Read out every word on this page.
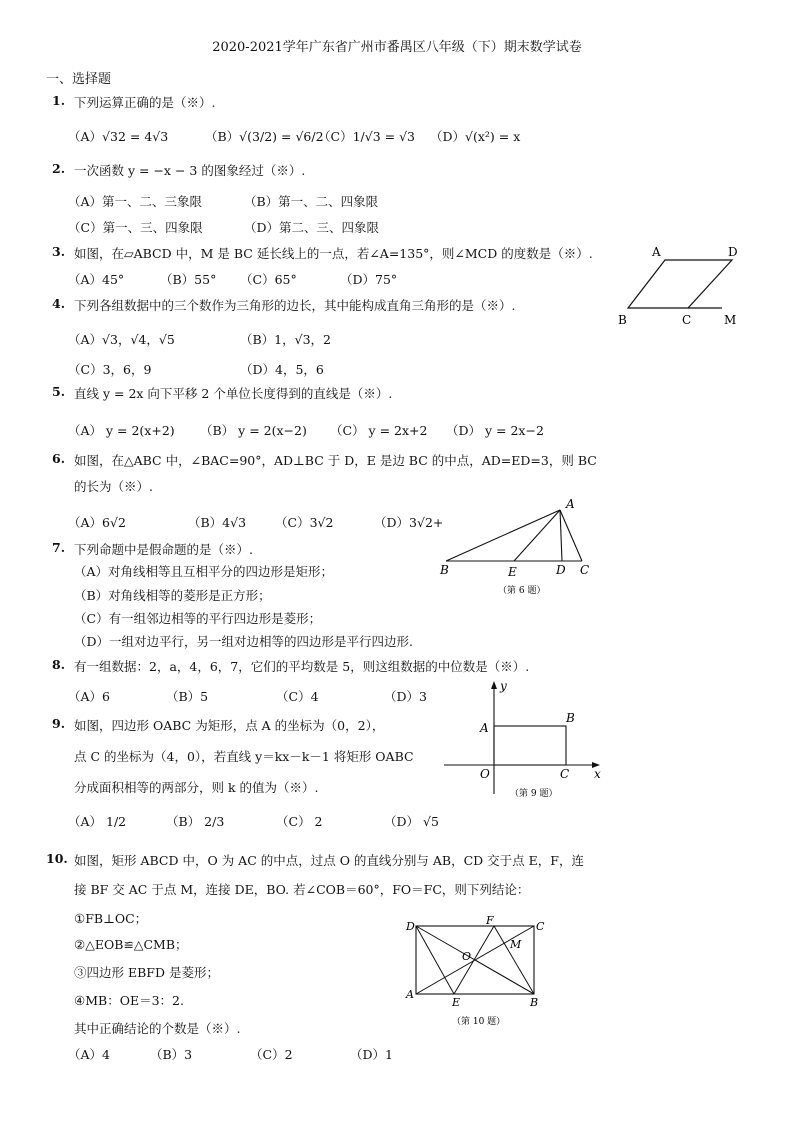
2020-2021学年广东省广州市番禺区八年级（下）期末数学试卷
一、选择题
1. 下列运算正确的是（※）.
（A）√32 = 4√3	（B）√(3/2) = √6/2
（C）1/√3 = √3 （D）√(x²) = x
2. 一次函数 y = −x − 3 的图象经过（※）.
（A）第一、二、三象限	（B）第一、二、四象限
（C）第一、三、四象限	（D）第二、三、四象限
3. 如图，在▱ABCD 中，M 是 BC 延长线上的一点，若∠A=135°，则∠MCD 的度数是（※）.
（A）45°	（B）55° （C）65°	（D）75°
A	D
B	C	M
4. 下列各组数据中的三个数作为三角形的边长，其中能构成直角三角形的是（※）.
（A）√3，√4，√5	（B）1，√3，2
（C）3，6，9	（D）4，5，6
5. 直线 y = 2x 向下平移 2 个单位长度得到的直线是（※）.
（A） y = 2(x+2) （B） y = 2(x−2) （C） y = 2x+2 （D） y = 2x−2
6. 如图，在△ABC 中，∠BAC=90°，AD⊥BC 于 D，E 是边 BC 的中点，AD=ED=3，则 BC
的长为（※）.
（A）6√2	（B）4√3 （C）3√2	（D）3√2+
A
B	E	D C
（第 6 题）
7. 下列命题中是假命题的是（※）.
（A）对角线相等且互相平分的四边形是矩形；
（B）对角线相等的菱形是正方形；
（C）有一组邻边相等的平行四边形是菱形；
（D）一组对边平行，另一组对边相等的四边形是平行四边形.
8. 有一组数据：2，a，4，6，7，它们的平均数是 5，则这组数据的中位数是（※）.
（A）6	（B）5	（C）4	（D）3
9. 如图，四边形 OABC 为矩形，点 A 的坐标为（0，2），
点 C 的坐标为（4，0），若直线 y＝kx－k－1 将矩形 OABC
分成面积相等的两部分，则 k 的值为（※）.
（A） 1/2	（B） 2/3	（C） 2	（D） √5
y
x
A
B
O	C
（第 9 题）
10. 如图，矩形 ABCD 中，O 为 AC 的中点，过点 O 的直线分别与 AB，CD 交于点 E，F，连
接 BF 交 AC 于点 M，连接 DE，BO. 若∠COB＝60°，FO＝FC，则下列结论：
①FB⊥OC；
②△EOB≌△CMB；
③四边形 EBFD 是菱形；
④MB：OE＝3：2.
其中正确结论的个数是（※）.
（A）4	（B）3	（C）2	（D）1
D	F	C
M
O
A
E	B
（第 10 题）
